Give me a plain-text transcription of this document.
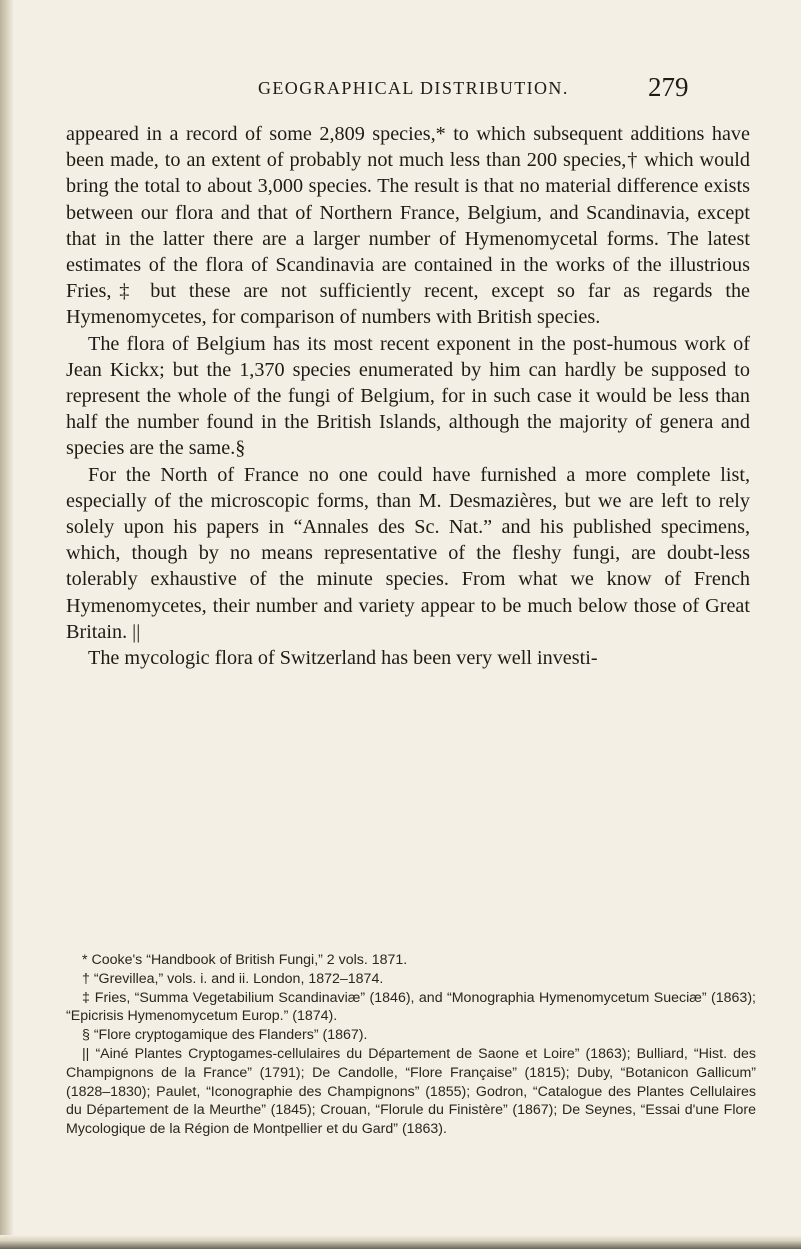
GEOGRAPHICAL DISTRIBUTION.	279

appeared in a record of some 2,809 species,* to which subsequent additions have been made, to an extent of probably not much less than 200 species,† which would bring the total to about 3,000 species. The result is that no material difference exists between our flora and that of Northern France, Belgium, and Scandinavia, except that in the latter there are a larger number of Hymenomycetal forms. The latest estimates of the flora of Scandinavia are contained in the works of the illustrious Fries,‡ but these are not sufficiently recent, except so far as regards the Hymenomycetes, for comparison of numbers with British species.

The flora of Belgium has its most recent exponent in the post-humous work of Jean Kickx; but the 1,370 species enumerated by him can hardly be supposed to represent the whole of the fungi of Belgium, for in such case it would be less than half the number found in the British Islands, although the majority of genera and species are the same.§

For the North of France no one could have furnished a more complete list, especially of the microscopic forms, than M. Desmazières, but we are left to rely solely upon his papers in “Annales des Sc. Nat.” and his published specimens, which, though by no means representative of the fleshy fungi, are doubt-less tolerably exhaustive of the minute species. From what we know of French Hymenomycetes, their number and variety appear to be much below those of Great Britain. ||

The mycologic flora of Switzerland has been very well investi-

* Cooke's “Handbook of British Fungi,” 2 vols. 1871.

† “Grevillea,” vols. i. and ii. London, 1872–1874.

‡ Fries, “Summa Vegetabilium Scandinaviæ” (1846), and “Monographia Hymenomycetum Sueciæ” (1863); “Epicrisis Hymenomycetum Europ.” (1874).

§ “Flore cryptogamique des Flanders” (1867).

|| “Ainé Plantes Cryptogames-cellulaires du Département de Saone et Loire” (1863); Bulliard, “Hist. des Champignons de la France” (1791); De Candolle, “Flore Française” (1815); Duby, “Botanicon Gallicum” (1828–1830); Paulet, “Iconographie des Champignons” (1855); Godron, “Catalogue des Plantes Cellulaires du Département de la Meurthe” (1845); Crouan, “Florule du Finistère” (1867); De Seynes, “Essai d'une Flore Mycologique de la Région de Montpellier et du Gard” (1863).
